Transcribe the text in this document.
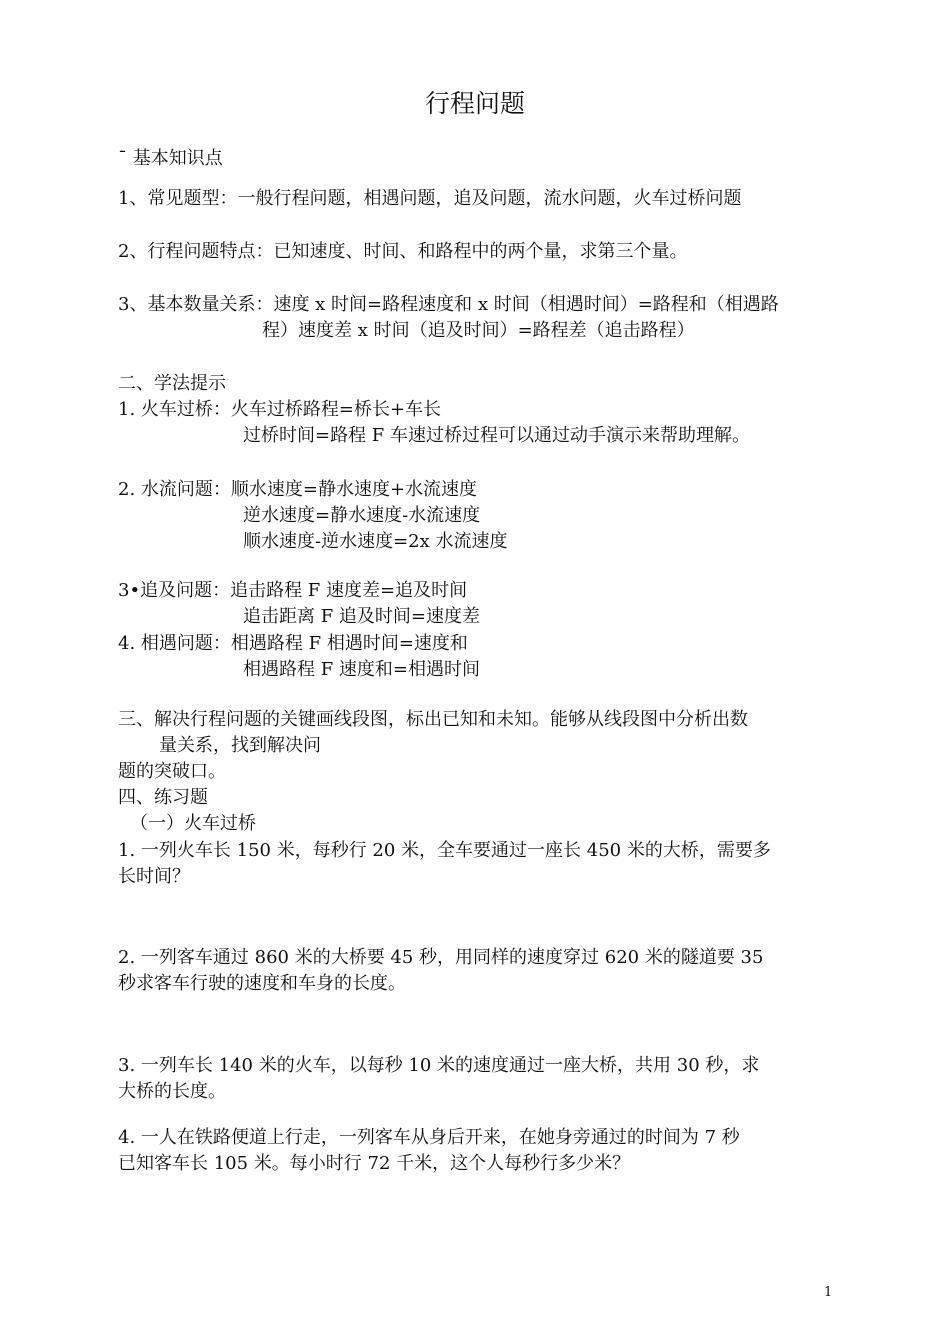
行程问题
¯ 基本知识点
1、常见题型：一般行程问题，相遇问题，追及问题，流水问题，火车过桥问题
2、行程问题特点：已知速度、时间、和路程中的两个量，求第三个量。
3、基本数量关系：速度 x 时间=路程速度和 x 时间（相遇时间）=路程和（相遇路
程）速度差 x 时间（追及时间）=路程差（追击路程）
二、学法提示
1. 火车过桥：火车过桥路程=桥长+车长
过桥时间=路程 F 车速过桥过程可以通过动手演示来帮助理解。
2. 水流问题：顺水速度=静水速度+水流速度
逆水速度=静水速度-水流速度
顺水速度-逆水速度=2x 水流速度
3•追及问题：追击路程 F 速度差=追及时间
追击距离 F 追及时间=速度差
4. 相遇问题：相遇路程 F 相遇时间=速度和
相遇路程 F 速度和=相遇时间
三、解决行程问题的关键画线段图，标出已知和未知。能够从线段图中分析出数
量关系，找到解决问
题的突破口。
四、练习题
（一）火车过桥
1. 一列火车长 150 米，每秒行 20 米，全车要通过一座长 450 米的大桥，需要多
长时间？
2. 一列客车通过 860 米的大桥要 45 秒，用同样的速度穿过 620 米的隧道要 35
秒求客车行驶的速度和车身的长度。
3. 一列车长 140 米的火车，以每秒 10 米的速度通过一座大桥，共用 30 秒，求
大桥的长度。
4. 一人在铁路便道上行走，一列客车从身后开来，在她身旁通过的时间为 7 秒
已知客车长 105 米。每小时行 72 千米，这个人每秒行多少米？
1
